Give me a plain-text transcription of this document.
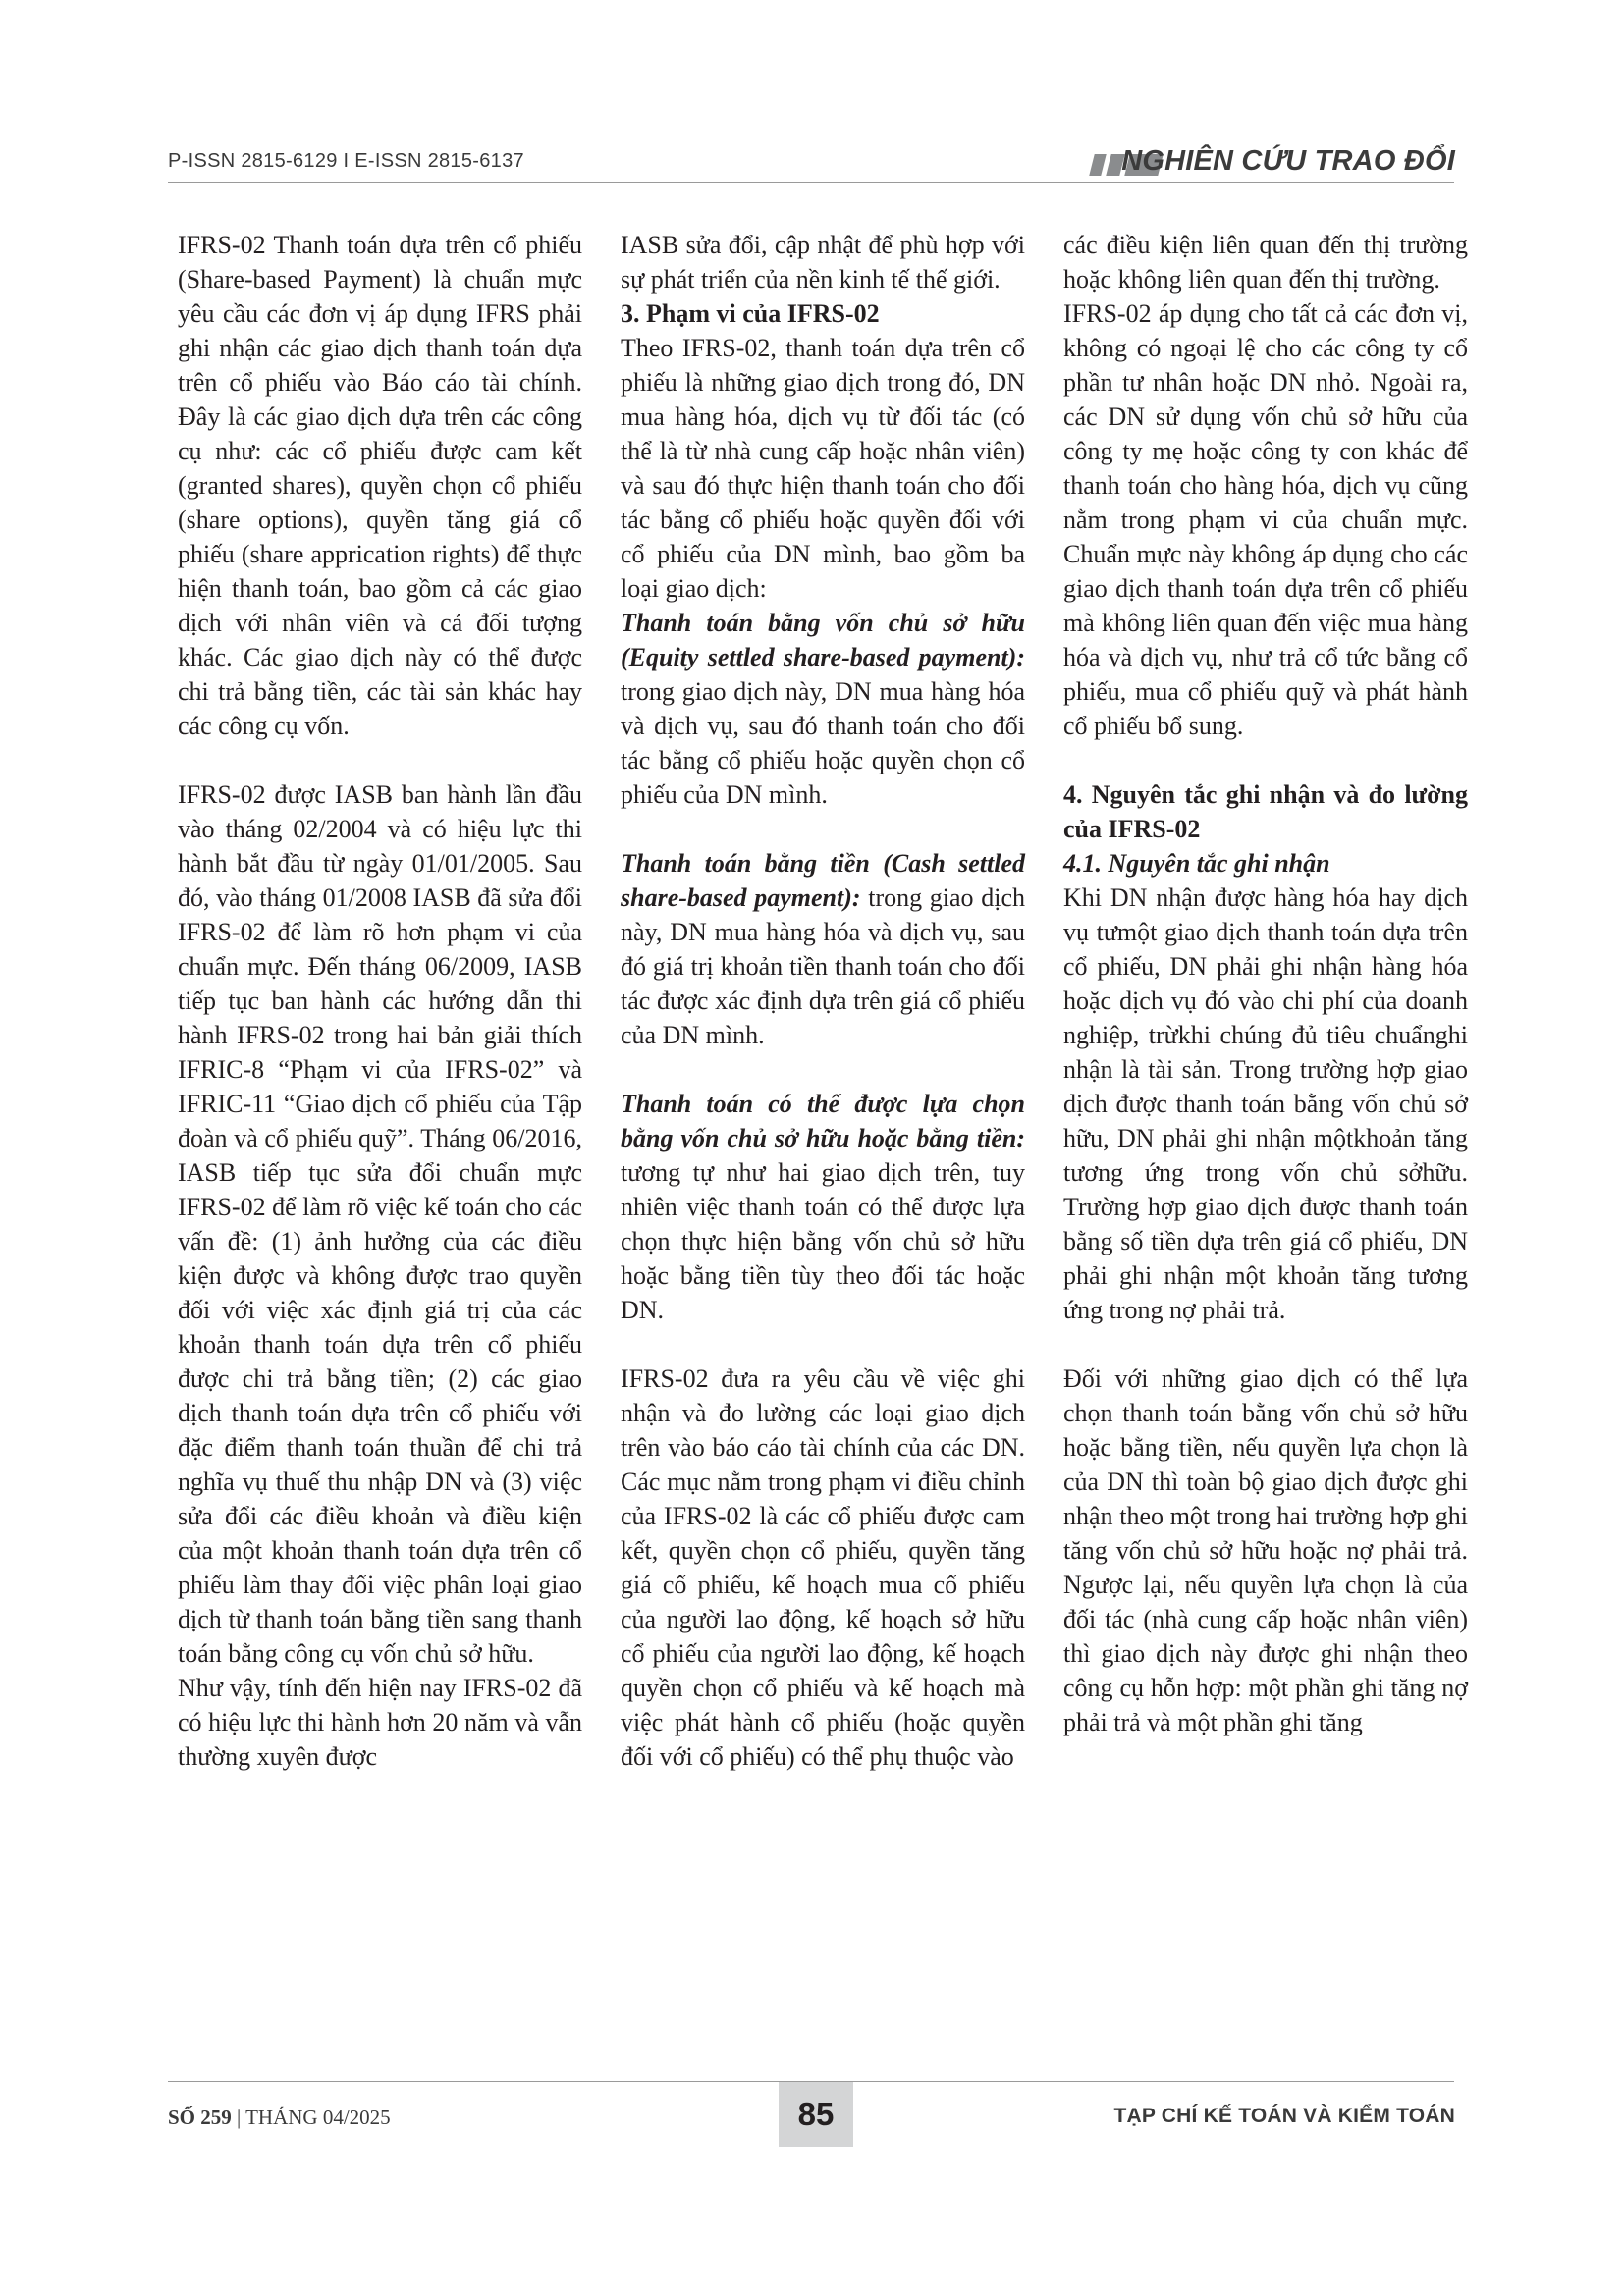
P-ISSN 2815-6129 I E-ISSN 2815-6137	NGHIÊN CỨU TRAO ĐỔI

IFRS-02 Thanh toán dựa trên cổ phiếu (Share-based Payment) là chuẩn mực yêu cầu các đơn vị áp dụng IFRS phải ghi nhận các giao dịch thanh toán dựa trên cổ phiếu vào Báo cáo tài chính. Đây là các giao dịch dựa trên các công cụ như: các cổ phiếu được cam kết (granted shares), quyền chọn cổ phiếu (share options), quyền tăng giá cổ phiếu (share apprication rights) để thực hiện thanh toán, bao gồm cả các giao dịch với nhân viên và cả đối tượng khác. Các giao dịch này có thể được chi trả bằng tiền, các tài sản khác hay các công cụ vốn.

IFRS-02 được IASB ban hành lần đầu vào tháng 02/2004 và có hiệu lực thi hành bắt đầu từ ngày 01/01/2005. Sau đó, vào tháng 01/2008 IASB đã sửa đổi IFRS-02 để làm rõ hơn phạm vi của chuẩn mực. Đến tháng 06/2009, IASB tiếp tục ban hành các hướng dẫn thi hành IFRS-02 trong hai bản giải thích IFRIC-8 “Phạm vi của IFRS-02” và IFRIC-11 “Giao dịch cổ phiếu của Tập đoàn và cổ phiếu quỹ”. Tháng 06/2016, IASB tiếp tục sửa đổi chuẩn mực IFRS-02 để làm rõ việc kế toán cho các vấn đề: (1) ảnh hưởng của các điều kiện được và không được trao quyền đối với việc xác định giá trị của các khoản thanh toán dựa trên cổ phiếu được chi trả bằng tiền; (2) các giao dịch thanh toán dựa trên cổ phiếu với đặc điểm thanh toán thuần để chi trả nghĩa vụ thuế thu nhập DN và (3) việc sửa đổi các điều khoản và điều kiện của một khoản thanh toán dựa trên cổ phiếu làm thay đổi việc phân loại giao dịch từ thanh toán bằng tiền sang thanh toán bằng công cụ vốn chủ sở hữu.

Như vậy, tính đến hiện nay IFRS-02 đã có hiệu lực thi hành hơn 20 năm và vẫn thường xuyên được

IASB sửa đổi, cập nhật để phù hợp với sự phát triển của nền kinh tế thế giới.

3. Phạm vi của IFRS-02

Theo IFRS-02, thanh toán dựa trên cổ phiếu là những giao dịch trong đó, DN mua hàng hóa, dịch vụ từ đối tác (có thể là từ nhà cung cấp hoặc nhân viên) và sau đó thực hiện thanh toán cho đối tác bằng cổ phiếu hoặc quyền đối với cổ phiếu của DN mình, bao gồm ba loại giao dịch:

Thanh toán bằng vốn chủ sở hữu (Equity settled share-based payment): trong giao dịch này, DN mua hàng hóa và dịch vụ, sau đó thanh toán cho đối tác bằng cổ phiếu hoặc quyền chọn cổ phiếu của DN mình.

Thanh toán bằng tiền (Cash settled share-based payment): trong giao dịch này, DN mua hàng hóa và dịch vụ, sau đó giá trị khoản tiền thanh toán cho đối tác được xác định dựa trên giá cổ phiếu của DN mình.

Thanh toán có thể được lựa chọn bằng vốn chủ sở hữu hoặc bằng tiền: tương tự như hai giao dịch trên, tuy nhiên việc thanh toán có thể được lựa chọn thực hiện bằng vốn chủ sở hữu hoặc bằng tiền tùy theo đối tác hoặc DN.

IFRS-02 đưa ra yêu cầu về việc ghi nhận và đo lường các loại giao dịch trên vào báo cáo tài chính của các DN. Các mục nằm trong phạm vi điều chỉnh của IFRS-02 là các cổ phiếu được cam kết, quyền chọn cổ phiếu, quyền tăng giá cổ phiếu, kế hoạch mua cổ phiếu của người lao động, kế hoạch sở hữu cổ phiếu của người lao động, kế hoạch quyền chọn cổ phiếu và kế hoạch mà việc phát hành cổ phiếu (hoặc quyền đối với cổ phiếu) có thể phụ thuộc vào

các điều kiện liên quan đến thị trường hoặc không liên quan đến thị trường.

IFRS-02 áp dụng cho tất cả các đơn vị, không có ngoại lệ cho các công ty cổ phần tư nhân hoặc DN nhỏ. Ngoài ra, các DN sử dụng vốn chủ sở hữu của công ty mẹ hoặc công ty con khác để thanh toán cho hàng hóa, dịch vụ cũng nằm trong phạm vi của chuẩn mực. Chuẩn mực này không áp dụng cho các giao dịch thanh toán dựa trên cổ phiếu mà không liên quan đến việc mua hàng hóa và dịch vụ, như trả cổ tức bằng cổ phiếu, mua cổ phiếu quỹ và phát hành cổ phiếu bổ sung.

4. Nguyên tắc ghi nhận và đo lường của IFRS-02
4.1. Nguyên tắc ghi nhận

Khi DN nhận được hàng hóa hay dịch vụ tưmột giao dịch thanh toán dựa trên cổ phiếu, DN phải ghi nhận hàng hóa hoặc dịch vụ đó vào chi phí của doanh nghiệp, trừkhi chúng đủ tiêu chuẩnghi nhận là tài sản. Trong trường hợp giao dịch được thanh toán bằng vốn chủ sở hữu, DN phải ghi nhận mộtkhoản tăng tương ứng trong vốn chủ sởhữu. Trường hợp giao dịch được thanh toán bằng số tiền dựa trên giá cổ phiếu, DN phải ghi nhận một khoản tăng tương ứng trong nợ phải trả.

Đối với những giao dịch có thể lựa chọn thanh toán bằng vốn chủ sở hữu hoặc bằng tiền, nếu quyền lựa chọn là của DN thì toàn bộ giao dịch được ghi nhận theo một trong hai trường hợp ghi tăng vốn chủ sở hữu hoặc nợ phải trả. Ngược lại, nếu quyền lựa chọn là của đối tác (nhà cung cấp hoặc nhân viên) thì giao dịch này được ghi nhận theo công cụ hỗn hợp: một phần ghi tăng nợ phải trả và một phần ghi tăng

SỐ 259 | THÁNG 04/2025	85	TẠP CHÍ KẾ TOÁN VÀ KIỂM TOÁN
